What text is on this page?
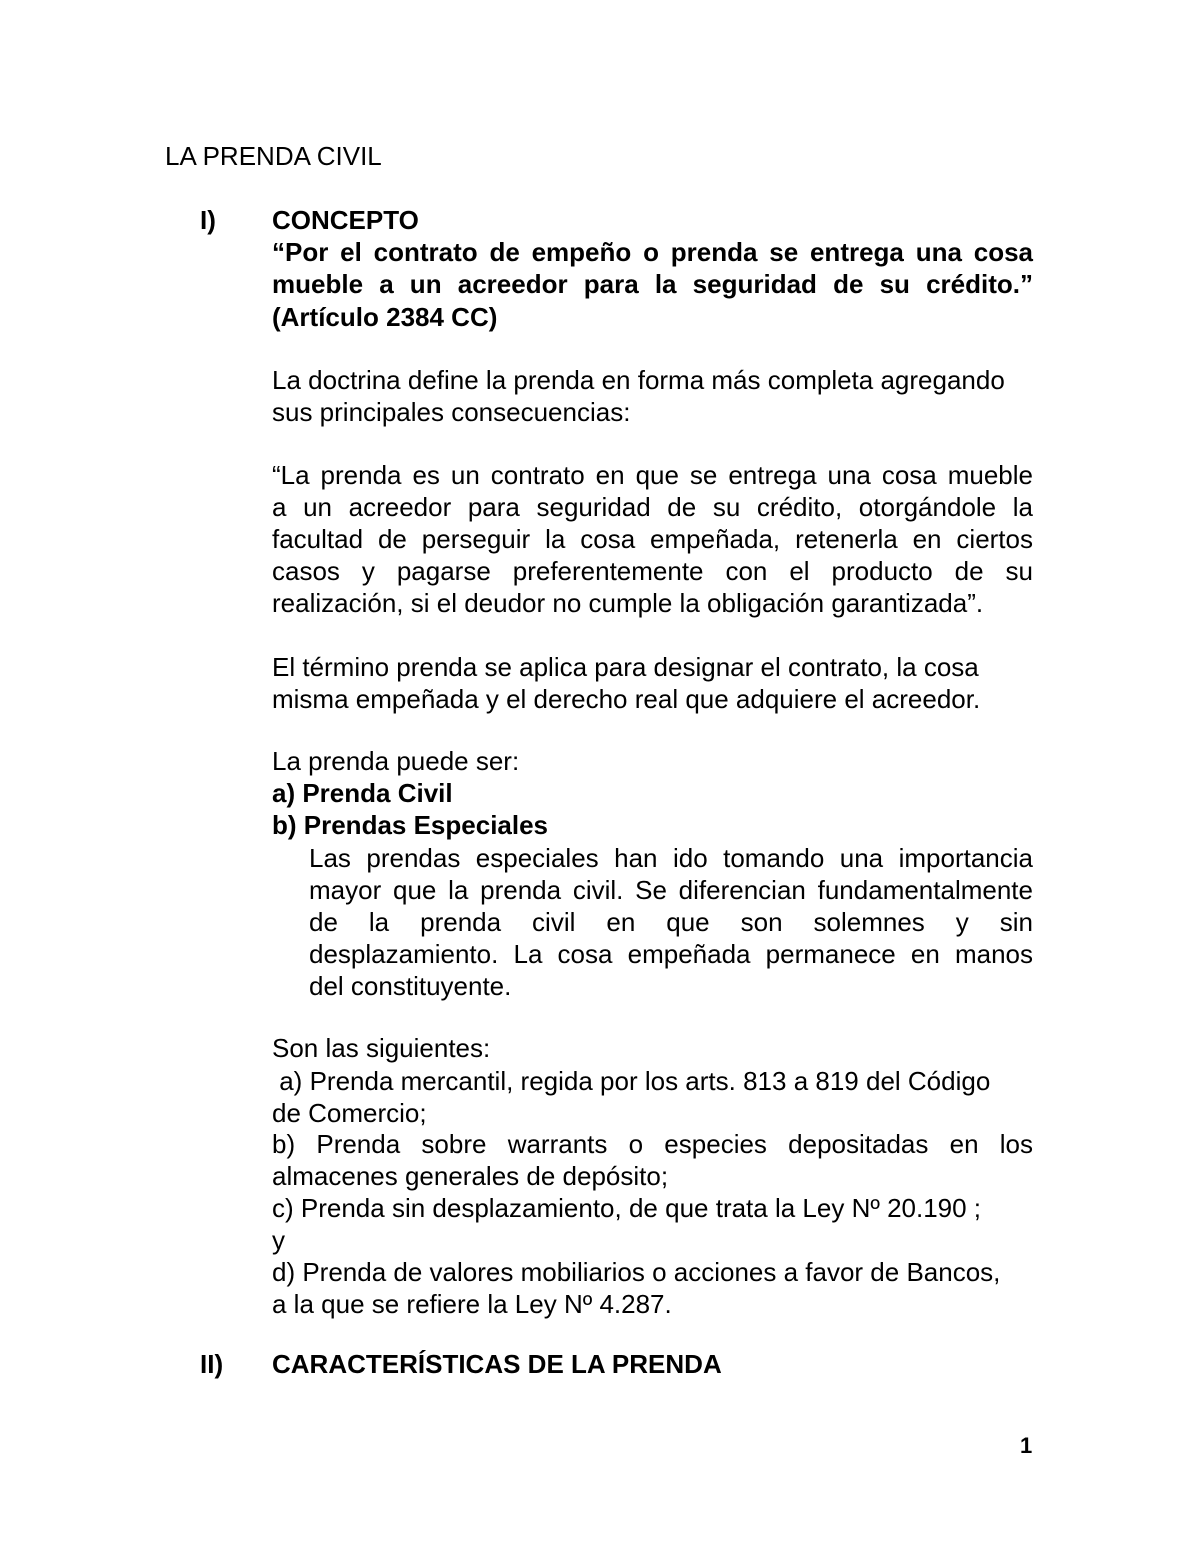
LA PRENDA CIVIL
I) CONCEPTO
“Por el contrato de empeño o prenda se entrega una cosa
mueble a un acreedor para la seguridad de su crédito.”
(Artículo 2384 CC)
La doctrina define la prenda en forma más completa agregando
sus principales consecuencias:
“La prenda es un contrato en que se entrega una cosa mueble
a un acreedor para seguridad de su crédito, otorgándole la
facultad de perseguir la cosa empeñada, retenerla en ciertos
casos y pagarse preferentemente con el producto de su
realización, si el deudor no cumple la obligación garantizada”.
El término prenda se aplica para designar el contrato, la cosa
misma empeñada y el derecho real que adquiere el acreedor.
La prenda puede ser:
a) Prenda Civil
b) Prendas Especiales
Las prendas especiales han ido tomando una importancia
mayor que la prenda civil. Se diferencian fundamentalmente
de la prenda civil en que son solemnes y sin
desplazamiento. La cosa empeñada permanece en manos
del constituyente.
Son las siguientes:
a) Prenda mercantil, regida por los arts. 813 a 819 del Código
de Comercio;
b) Prenda sobre warrants o especies depositadas en los
almacenes generales de depósito;
c) Prenda sin desplazamiento, de que trata la Ley Nº 20.190 ;
y
d) Prenda de valores mobiliarios o acciones a favor de Bancos,
a la que se refiere la Ley Nº 4.287.
II) CARACTERÍSTICAS DE LA PRENDA
1
